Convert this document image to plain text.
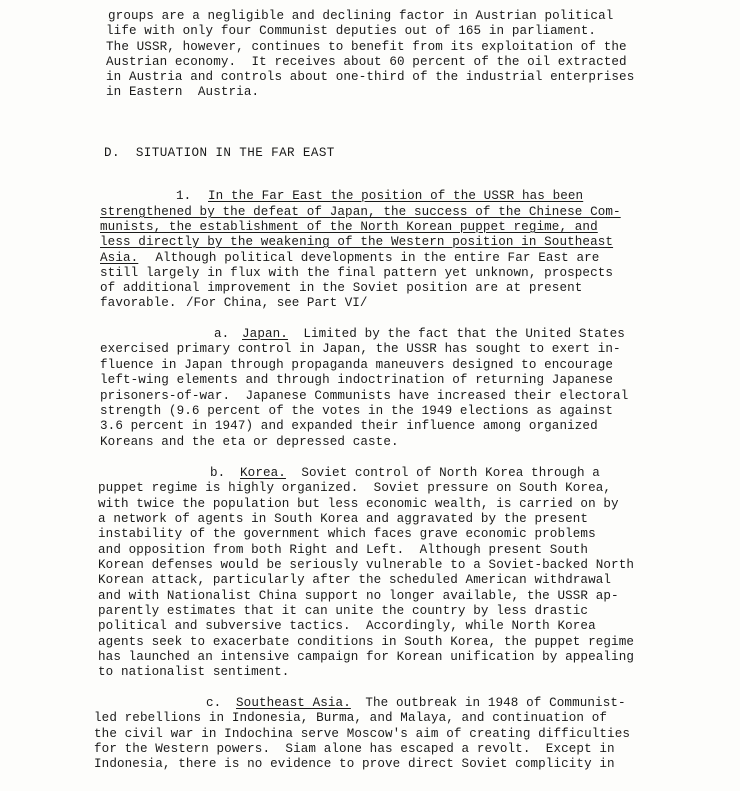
groups are a negligible and declining factor in Austrian political
life with only four Communist deputies out of 165 in parliament.
The USSR, however, continues to benefit from its exploitation of the
Austrian economy.  It receives about 60 percent of the oil extracted
in Austria and controls about one-third of the industrial enterprises
in Eastern  Austria.
D.  SITUATION IN THE FAR EAST
1. In the Far East the position of the USSR has been
strengthened by the defeat of Japan, the success of the Chinese Com-
munists, the establishment of the North Korean puppet regime, and
less directly by the weakening of the Western position in Southeast
Asia. Although political developments in the entire Far East are
still largely in flux with the final pattern yet unknown, prospects
of additional improvement in the Soviet position are at present
favorable. /For China, see Part VI/
a. Japan. Limited by the fact that the United States
exercised primary control in Japan, the USSR has sought to exert in-
fluence in Japan through propaganda maneuvers designed to encourage
left-wing elements and through indoctrination of returning Japanese
prisoners-of-war.  Japanese Communists have increased their electoral
strength (9.6 percent of the votes in the 1949 elections as against
3.6 percent in 1947) and expanded their influence among organized
Koreans and the eta or depressed caste.
b. Korea. Soviet control of North Korea through a
puppet regime is highly organized.  Soviet pressure on South Korea,
with twice the population but less economic wealth, is carried on by
a network of agents in South Korea and aggravated by the present
instability of the government which faces grave economic problems
and opposition from both Right and Left.  Although present South
Korean defenses would be seriously vulnerable to a Soviet-backed North
Korean attack, particularly after the scheduled American withdrawal
and with Nationalist China support no longer available, the USSR ap-
parently estimates that it can unite the country by less drastic
political and subversive tactics.  Accordingly, while North Korea
agents seek to exacerbate conditions in South Korea, the puppet regime
has launched an intensive campaign for Korean unification by appealing
to nationalist sentiment.
c. Southeast Asia. The outbreak in 1948 of Communist-
led rebellions in Indonesia, Burma, and Malaya, and continuation of
the civil war in Indochina serve Moscow's aim of creating difficulties
for the Western powers.  Siam alone has escaped a revolt.  Except in
Indonesia, there is no evidence to prove direct Soviet complicity in
